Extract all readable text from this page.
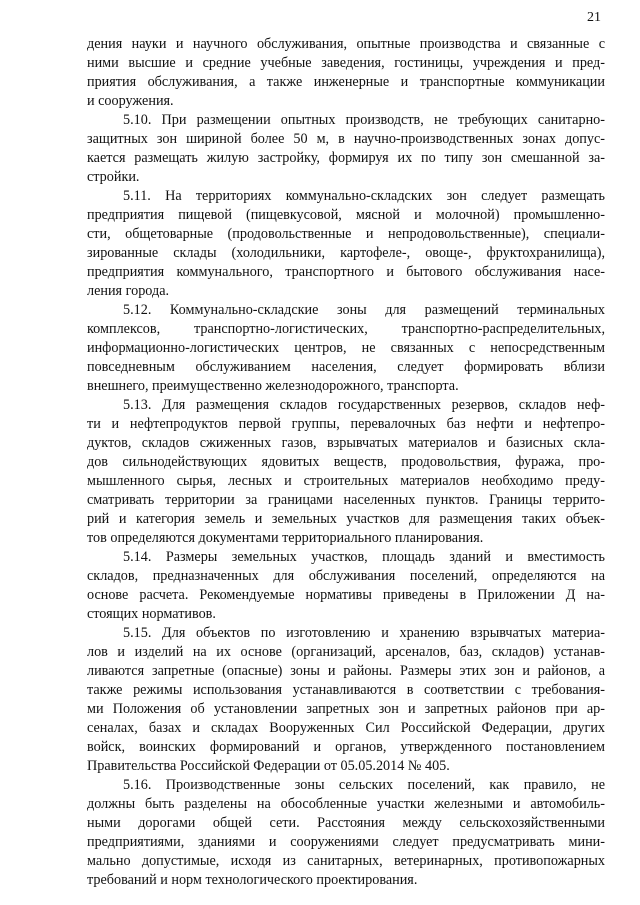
21
дения науки и научного обслуживания, опытные производства и связанные с
ними высшие и средние учебные заведения, гостиницы, учреждения и пред-
приятия обслуживания, а также инженерные и транспортные коммуникации
и сооружения.
5.10. При размещении опытных производств, не требующих санитарно-
защитных зон шириной более 50 м, в научно-производственных зонах допус-
кается размещать жилую застройку, формируя их по типу зон смешанной за-
стройки.
5.11. На территориях коммунально-складских зон следует размещать
предприятия пищевой (пищевкусовой, мясной и молочной) промышленно-
сти, общетоварные (продовольственные и непродовольственные), специали-
зированные склады (холодильники, картофеле-, овоще-, фруктохранилища),
предприятия коммунального, транспортного и бытового обслуживания насе-
ления города.
5.12. Коммунально-складские зоны для размещений терминальных
комплексов, транспортно-логистических, транспортно-распределительных,
информационно-логистических центров, не связанных с непосредственным
повседневным обслуживанием населения, следует формировать вблизи
внешнего, преимущественно железнодорожного, транспорта.
5.13. Для размещения складов государственных резервов, складов неф-
ти и нефтепродуктов первой группы, перевалочных баз нефти и нефтепро-
дуктов, складов сжиженных газов, взрывчатых материалов и базисных скла-
дов сильнодействующих ядовитых веществ, продовольствия, фуража, про-
мышленного сырья, лесных и строительных материалов необходимо преду-
сматривать территории за границами населенных пунктов. Границы террито-
рий и категория земель и земельных участков для размещения таких объек-
тов определяются документами территориального планирования.
5.14. Размеры земельных участков, площадь зданий и вместимость
складов, предназначенных для обслуживания поселений, определяются на
основе расчета. Рекомендуемые нормативы приведены в Приложении Д на-
стоящих нормативов.
5.15. Для объектов по изготовлению и хранению взрывчатых материа-
лов и изделий на их основе (организаций, арсеналов, баз, складов) устанав-
ливаются запретные (опасные) зоны и районы. Размеры этих зон и районов, а
также режимы использования устанавливаются в соответствии с требования-
ми Положения об установлении запретных зон и запретных районов при ар-
сеналах, базах и складах Вооруженных Сил Российской Федерации, других
войск, воинских формирований и органов, утвержденного постановлением
Правительства Российской Федерации от 05.05.2014 № 405.
5.16. Производственные зоны сельских поселений, как правило, не
должны быть разделены на обособленные участки железными и автомобиль-
ными дорогами общей сети. Расстояния между сельскохозяйственными
предприятиями, зданиями и сооружениями следует предусматривать мини-
мально допустимые, исходя из санитарных, ветеринарных, противопожарных
требований и норм технологического проектирования.
